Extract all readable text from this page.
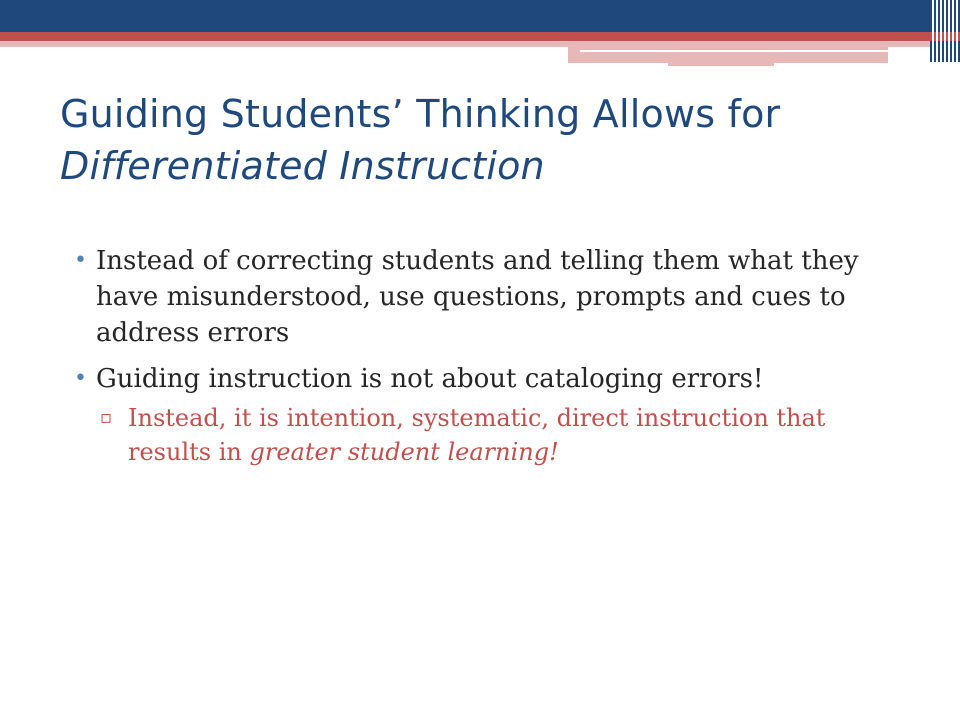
Guiding Students’ Thinking Allows for
Differentiated Instruction
• Instead of correcting students and telling them what they have misunderstood, use questions, prompts and cues to address errors
• Guiding instruction is not about cataloging errors!
▫ Instead, it is intention, systematic, direct instruction that results in greater student learning!
